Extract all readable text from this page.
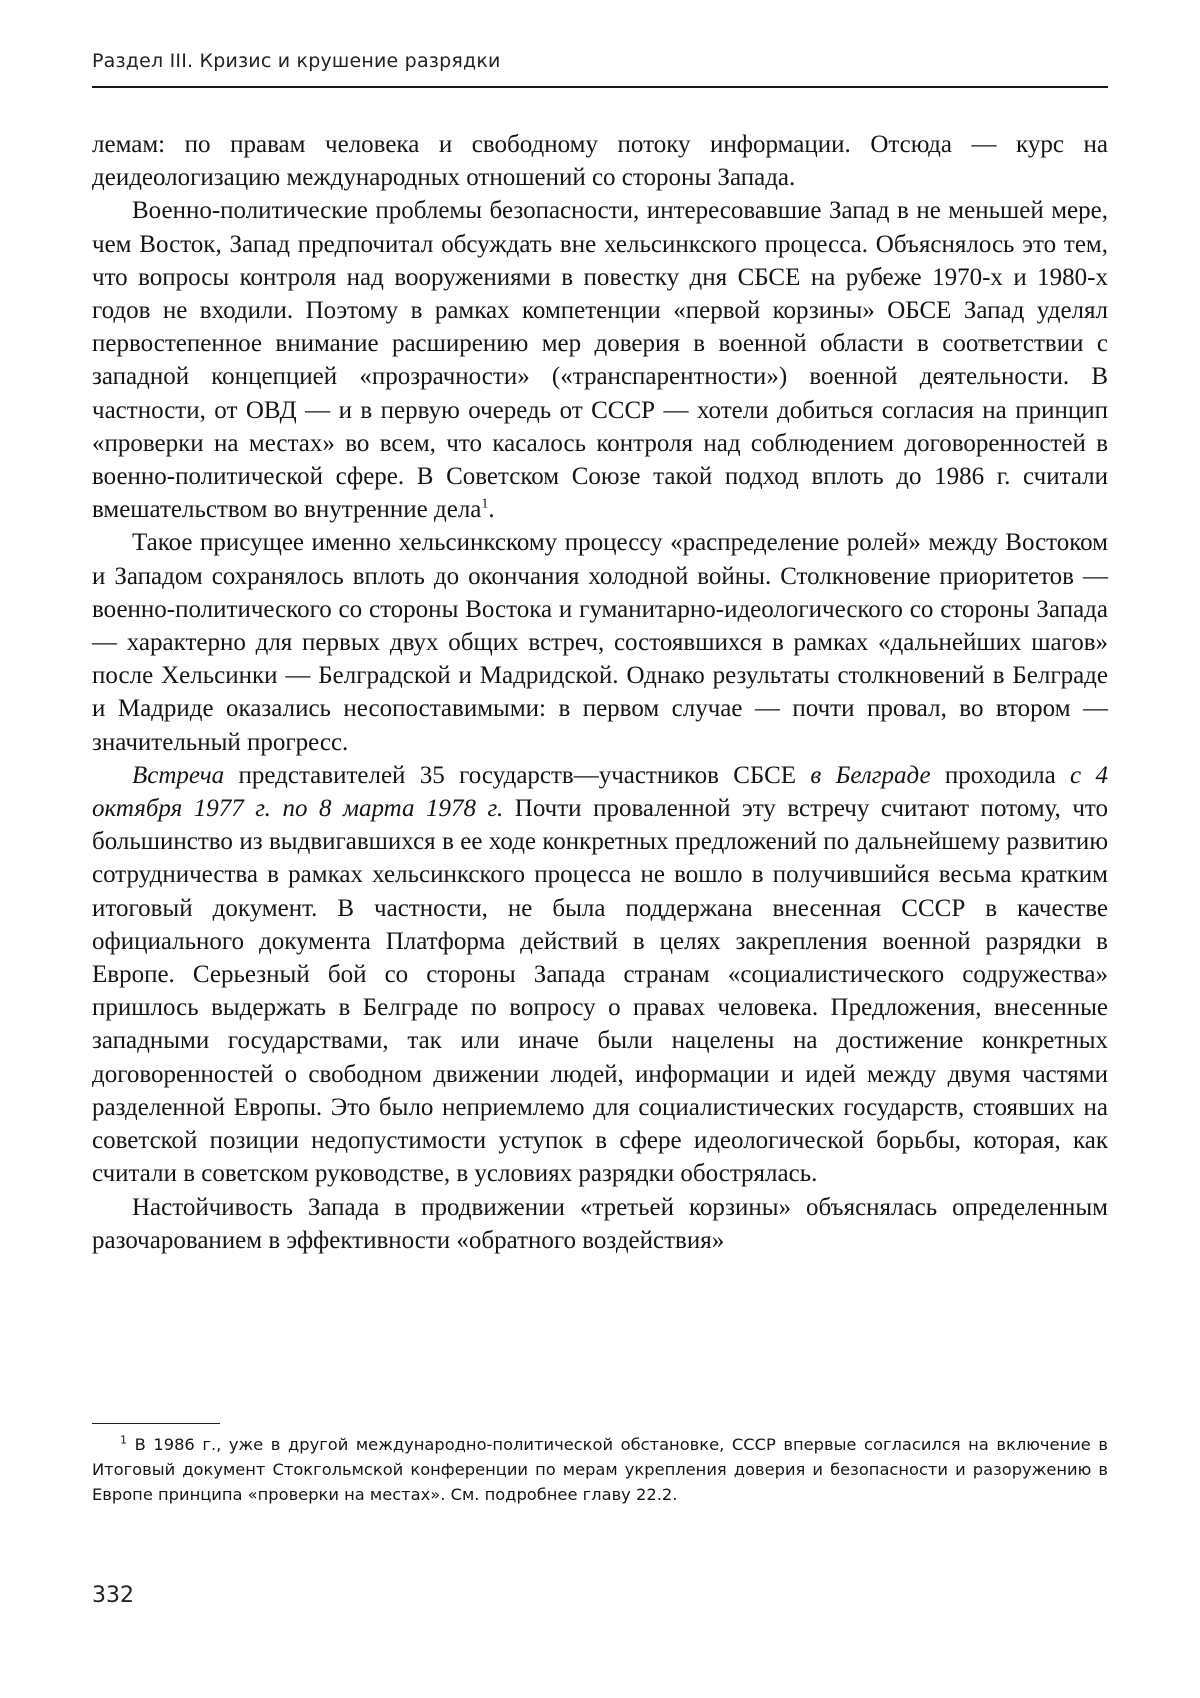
Раздел III. Кризис и крушение разрядки

лемам: по правам человека и свободному потоку информации. Отсюда — курс на деидеологизацию международных отношений со стороны Запада.

Военно-политические проблемы безопасности, интересовавшие Запад в не меньшей мере, чем Восток, Запад предпочитал обсуждать вне хельсинкского процесса. Объяснялось это тем, что вопросы контроля над вооружениями в повестку дня СБСЕ на рубеже 1970-х и 1980-х годов не входили. Поэтому в рамках компетенции «первой корзины» ОБСЕ Запад уделял первостепенное внимание расширению мер доверия в военной области в соответствии с западной концепцией «прозрачности» («транспарентности») военной деятельности. В частности, от ОВД — и в первую очередь от СССР — хотели добиться согласия на принцип «проверки на местах» во всем, что касалось контроля над соблюдением договоренностей в военно-политической сфере. В Советском Союзе такой подход вплоть до 1986 г. считали вмешательством во внутренние дела$^1$.

Такое присущее именно хельсинкскому процессу «распределение ролей» между Востоком и Западом сохранялось вплоть до окончания холодной войны. Столкновение приоритетов — военно-политического со стороны Востока и гуманитарно-идеологического со стороны Запада — характерно для первых двух общих встреч, состоявшихся в рамках «дальнейших шагов» после Хельсинки — Белградской и Мадридской. Однако результаты столкновений в Белграде и Мадриде оказались несопоставимыми: в первом случае — почти провал, во втором — значительный прогресс.

Встреча представителей 35 государств—участников СБСЕ в Белграде проходила с 4 октября 1977 г. по 8 марта 1978 г. Почти проваленной эту встречу считают потому, что большинство из выдвигавшихся в ее ходе конкретных предложений по дальнейшему развитию сотрудничества в рамках хельсинкского процесса не вошло в получившийся весьма кратким итоговый документ. В частности, не была поддержана внесенная СССР в качестве официального документа Платформа действий в целях закрепления военной разрядки в Европе. Серьезный бой со стороны Запада странам «социалистического содружества» пришлось выдержать в Белграде по вопросу о правах человека. Предложения, внесенные западными государствами, так или иначе были нацелены на достижение конкретных договоренностей о свободном движении людей, информации и идей между двумя частями разделенной Европы. Это было неприемлемо для социалистических государств, стоявших на советской позиции недопустимости уступок в сфере идеологической борьбы, которая, как считали в советском руководстве, в условиях разрядки обострялась.

Настойчивость Запада в продвижении «третьей корзины» объяснялась определенным разочарованием в эффективности «обратного воздействия»

$^1$ В 1986 г., уже в другой международно-политической обстановке, СССР впервые согласился на включение в Итоговый документ Стокгольмской конференции по мерам укрепления доверия и безопасности и разоружению в Европе принципа «проверки на местах». См. подробнее главу 22.2.

332
